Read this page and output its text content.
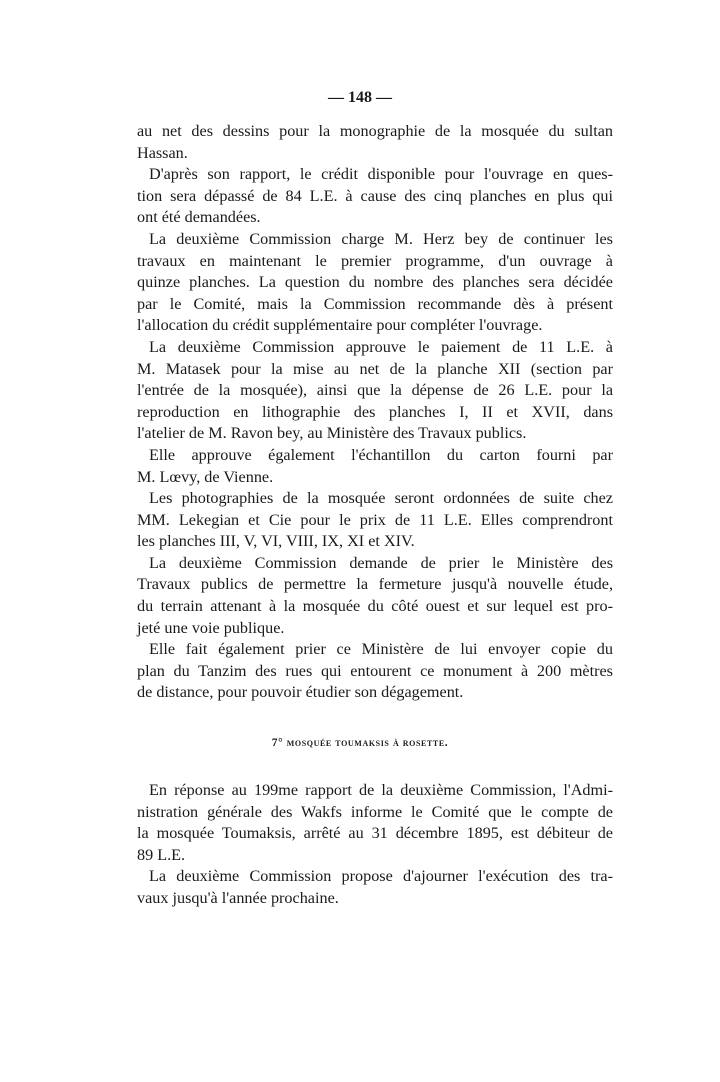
— 148 —
au net des dessins pour la monographie de la mosquée du sultan
Hassan.
D'après son rapport, le crédit disponible pour l'ouvrage en ques-
tion sera dépassé de 84 L.E. à cause des cinq planches en plus qui
ont été demandées.
La deuxième Commission charge M. Herz bey de continuer les
travaux en maintenant le premier programme, d'un ouvrage à
quinze planches. La question du nombre des planches sera décidée
par le Comité, mais la Commission recommande dès à présent
l'allocation du crédit supplémentaire pour compléter l'ouvrage.
La deuxième Commission approuve le paiement de 11 L.E. à
M. Matasek pour la mise au net de la planche XII (section par
l'entrée de la mosquée), ainsi que la dépense de 26 L.E. pour la
reproduction en lithographie des planches I, II et XVII, dans
l'atelier de M. Ravon bey, au Ministère des Travaux publics.
Elle approuve également l'échantillon du carton fourni par
M. Lœvy, de Vienne.
Les photographies de la mosquée seront ordonnées de suite chez
MM. Lekegian et Cie pour le prix de 11 L.E. Elles comprendront
les planches III, V, VI, VIII, IX, XI et XIV.
La deuxième Commission demande de prier le Ministère des
Travaux publics de permettre la fermeture jusqu'à nouvelle étude,
du terrain attenant à la mosquée du côté ouest et sur lequel est pro-
jeté une voie publique.
Elle fait également prier ce Ministère de lui envoyer copie du
plan du Tanzim des rues qui entourent ce monument à 200 mètres
de distance, pour pouvoir étudier son dégagement.
7° mosquée toumaksis à rosette.
En réponse au 199me rapport de la deuxième Commission, l'Admi-
nistration générale des Wakfs informe le Comité que le compte de
la mosquée Toumaksis, arrêté au 31 décembre 1895, est débiteur de
89 L.E.
La deuxième Commission propose d'ajourner l'exécution des tra-
vaux jusqu'à l'année prochaine.
